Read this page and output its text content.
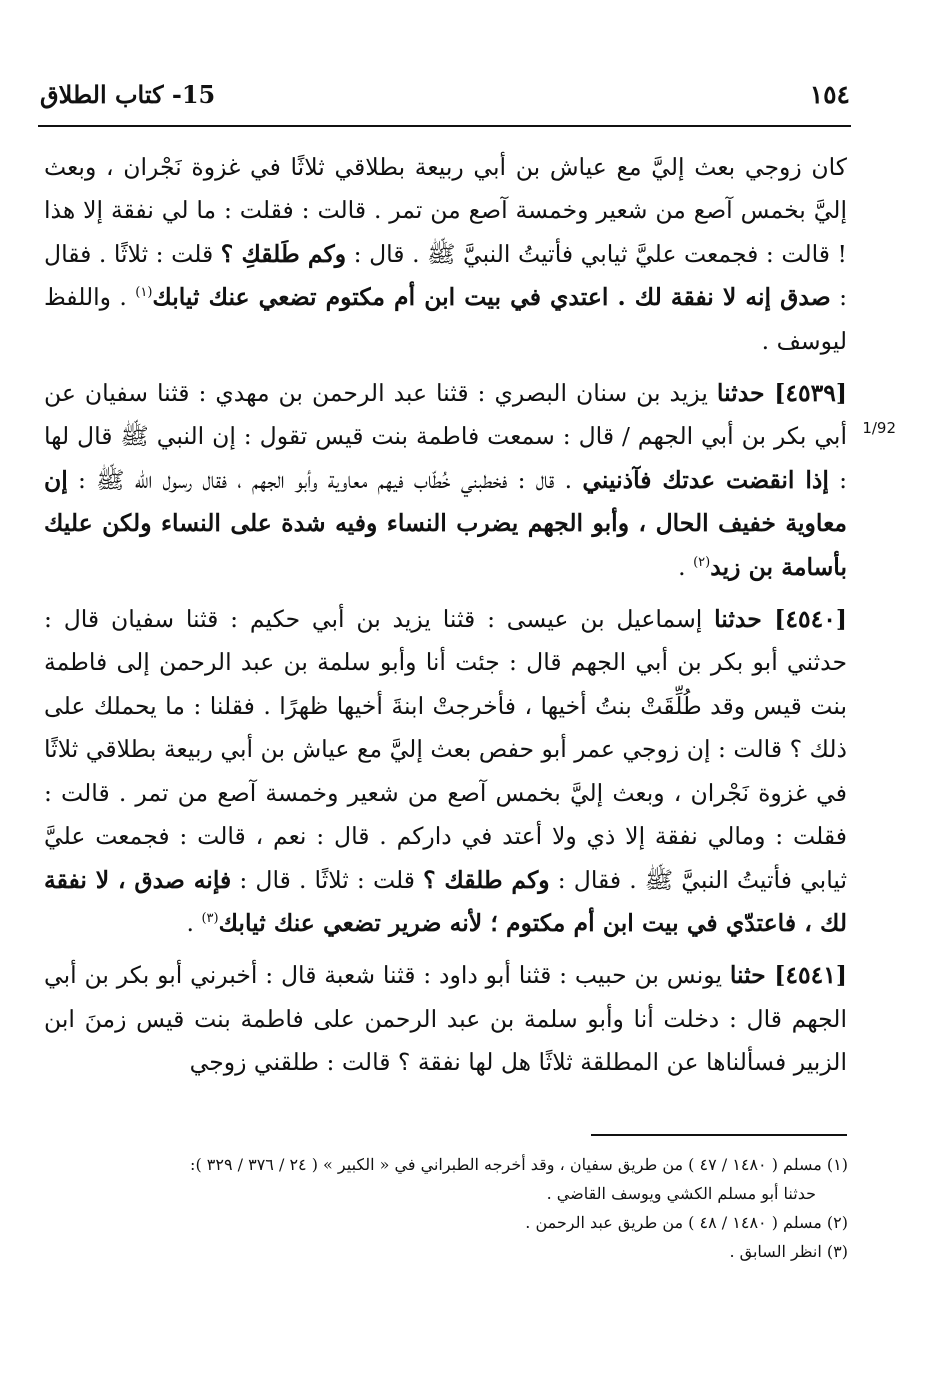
15- كتاب الطلاق	١٥٤
1/92

كان زوجي بعث إليَّ مع عياش بن أبي ربيعة بطلاقي ثلاثًا في غزوة نَجْران ، وبعث إليَّ بخمس آصع من شعير وخمسة آصع من تمر . قالت : فقلت : ما لي نفقة إلا هذا ! قالت : فجمعت عليَّ ثيابي فأتيتُ النبيَّ ﷺ . قال : وكم طَلقكِ ؟ قلت : ثلاثًا . فقال : صدق إنه لا نفقة لك . اعتدي في بيت ابن أم مكتوم تضعي عنك ثيابك$^{(١)}$ . واللفظ ليوسف .

[٤٥٣٩] حدثنا يزيد بن سنان البصري : قثنا عبد الرحمن بن مهدي : قثنا سفيان عن أبي بكر بن أبي الجهم / قال : سمعت فاطمة بنت قيس تقول : إن النبي ﷺ قال لها : إذا انقضت عدتك فآذنيني . قال : فخطبني خُطّاب فيهم معاوية وأبو الجهم ، فقال رسول الله ﷺ : إن معاوية خفيف الحال ، وأبو الجهم يضرب النساء وفيه شدة على النساء ولكن عليك بأسامة بن زيد$^{(٢)}$ .

[٤٥٤٠] حدثنا إسماعيل بن عيسى : قثنا يزيد بن أبي حكيم : قثنا سفيان قال : حدثني أبو بكر بن أبي الجهم قال : جئت أنا وأبو سلمة بن عبد الرحمن إلى فاطمة بنت قيس وقد طُلِّقَتْ بنتُ أخيها ، فأخرجتْ ابنةَ أخيها ظهرًا . فقلنا : ما يحملك على ذلك ؟ قالت : إن زوجي عمر أبو حفص بعث إليَّ مع عياش بن أبي ربيعة بطلاقي ثلاثًا في غزوة نَجْران ، وبعث إليَّ بخمس آصع من شعير وخمسة آصع من تمر . قالت : فقلت : ومالي نفقة إلا ذي ولا أعتد في داركم . قال : نعم ، قالت : فجمعت عليَّ ثيابي فأتيتُ النبيَّ ﷺ . فقال : وكم طلقك ؟ قلت : ثلاثًا . قال : فإنه صدق ، لا نفقة لك ، فاعتدّي في بيت ابن أم مكتوم ؛ لأنه ضرير تضعي عنك ثيابك$^{(٣)}$ .

[٤٥٤١] حثنا يونس بن حبيب : قثنا أبو داود : قثنا شعبة قال : أخبرني أبو بكر بن أبي الجهم قال : دخلت أنا وأبو سلمة بن عبد الرحمن على فاطمة بنت قيس زمنَ ابن الزبير فسألناها عن المطلقة ثلاثًا هل لها نفقة ؟ قالت : طلقني زوجي

(١) مسلم ( ١٤٨٠ / ٤٧ ) من طريق سفيان ، وقد أخرجه الطبراني في « الكبير » ( ٢٤ / ٣٧٦ / ٣٢٩ ):
حدثنا أبو مسلم الكشي ويوسف القاضي .

(٢) مسلم ( ١٤٨٠ / ٤٨ ) من طريق عبد الرحمن .

(٣) انظر السابق .
